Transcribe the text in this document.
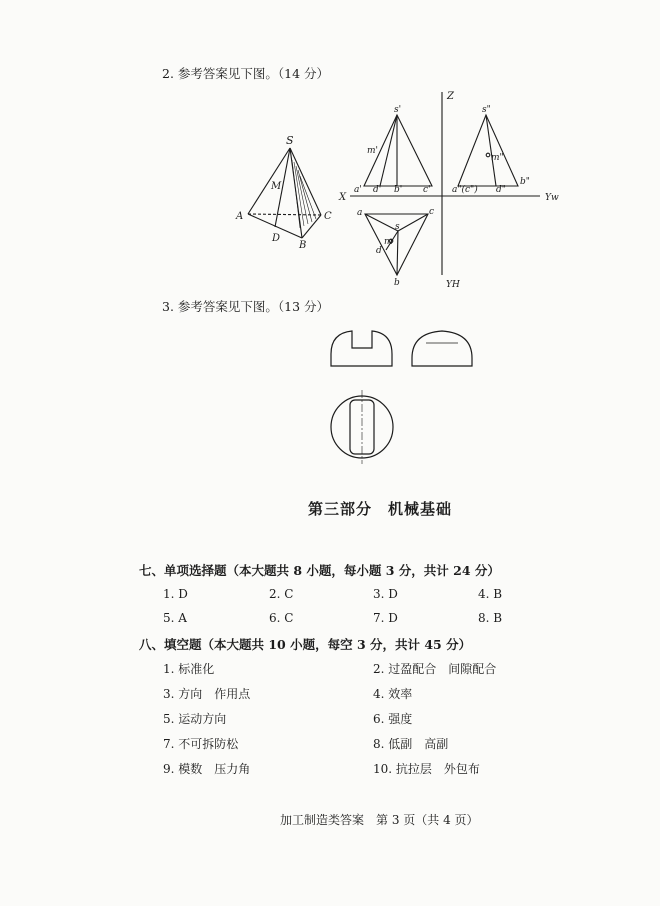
2. 参考答案见下图。（14 分）
S
M
A
D
B
C
Z
X	Yw
YH
s'
m'
a' d' b' c'
s"
m"
a"(c") d"
b"
a	c
s
m
d
b
3. 参考答案见下图。（13 分）
第三部分　机械基础
七、单项选择题（本大题共 8 小题，每小题 3 分，共计 24 分）
1. D	2. C	3. D	4. B
5. A	6. C	7. D	8. B
八、填空题（本大题共 10 小题，每空 3 分，共计 45 分）
1. 标准化	2. 过盈配合　间隙配合
3. 方向　作用点	4. 效率
5. 运动方向	6. 强度
7. 不可拆防松	8. 低副　高副
9. 模数　压力角	10. 抗拉层　外包布
加工制造类答案　第 3 页（共 4 页）
